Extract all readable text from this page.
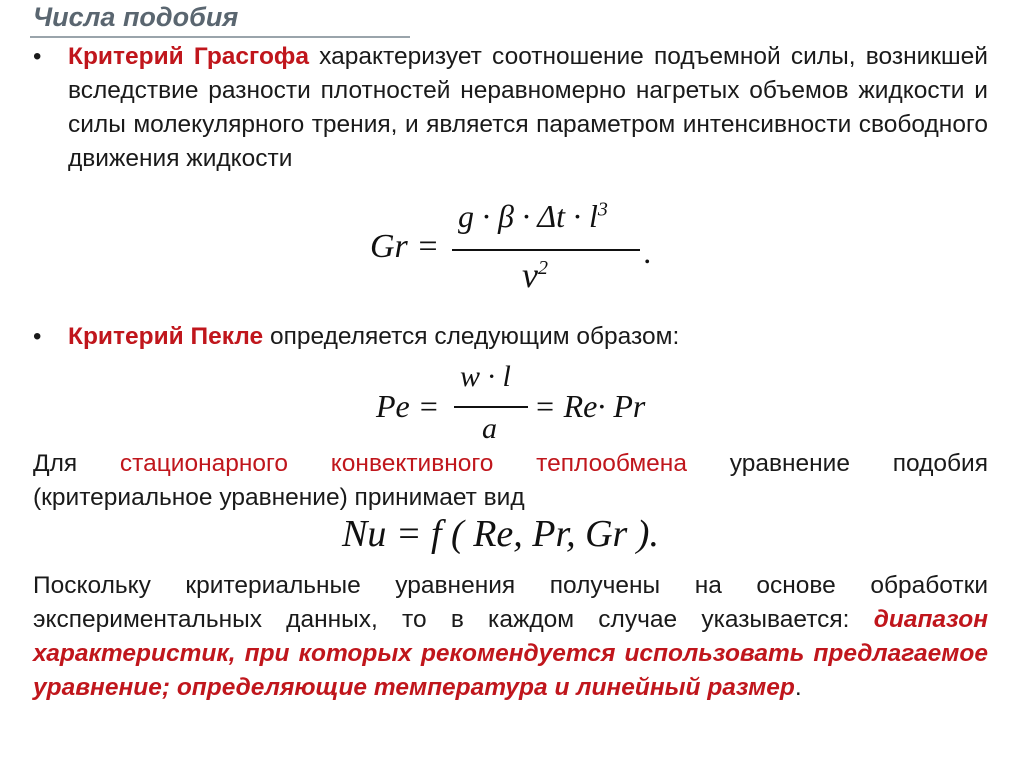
Числа подобия
• Критерий Грасгофа характеризует соотношение подъемной силы, возникшей вследствие разности плотностей неравномерно нагретых объемов жидкости и силы молекулярного трения, и является параметром интенсивности свободного движения жидкости
Gr =
$g \cdot \beta \cdot \Delta t \cdot l^3$
$\nu^2$	.
• Критерий Пекле определяется следующим образом:
Pe =
w · l
a
= Re· Pr
Для стационарного конвективного теплообмена уравнение подобия (критериальное уравнение) принимает вид
Nu = f ( Re, Pr, Gr ).
Поскольку критериальные уравнения получены на основе обработки экспериментальных данных, то в каждом случае указывается: диапазон характеристик, при которых рекомендуется использовать предлагаемое уравнение; определяющие температура и линейный размер.
